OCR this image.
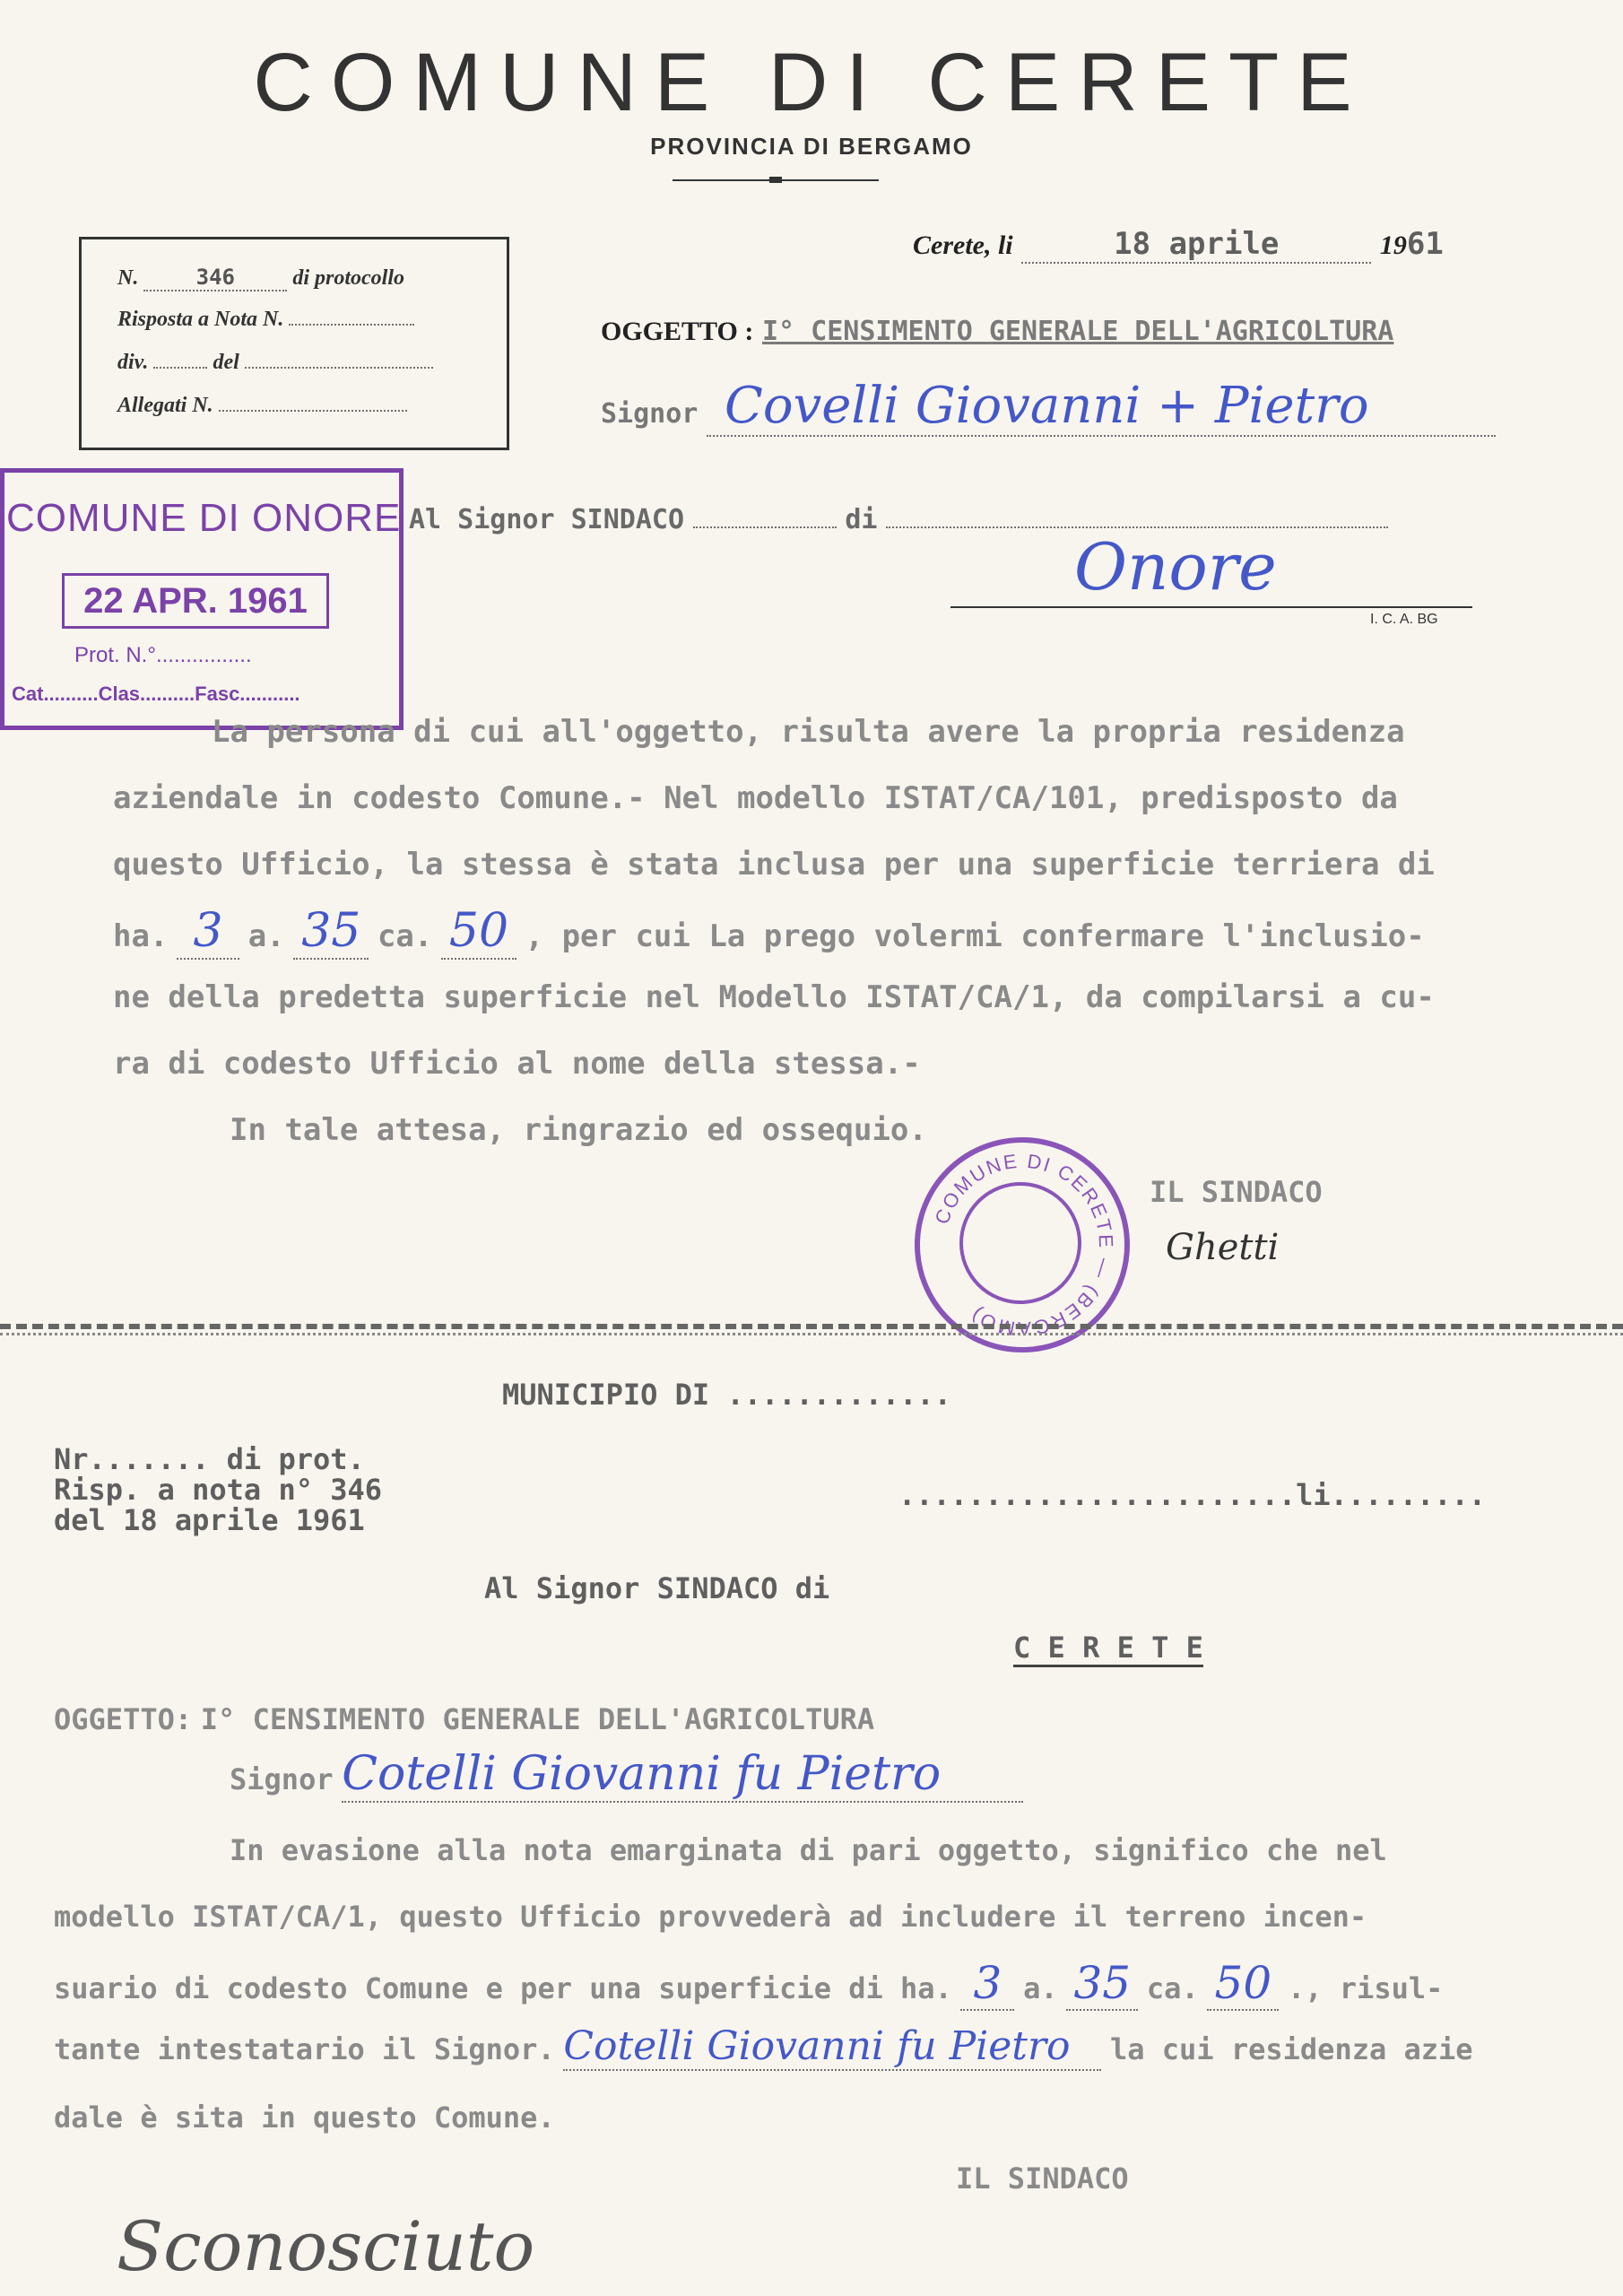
COMUNE DI CERETE
PROVINCIA DI BERGAMO
N.	346	di protocollo
Risposta a Nota N.
div.	del
Allegati N.
Cerete, li	18 aprile	1961
OGGETTO : I° CENSIMENTO GENERALE DELL'AGRICOLTURA
Signor Covelli Giovanni + Pietro
Al Signor SINDACO	di
Onore
I. C. A. BG
COMUNE DI ONORE
22 APR. 1961
Prot. N.°................
Cat..........Clas..........Fasc...........
La persona di cui all'oggetto, risulta avere la propria residenza
aziendale in codesto Comune.- Nel modello ISTAT/CA/101, predisposto da
questo Ufficio, la stessa è stata inclusa per una superficie terriera di
ha. 3 a. 35 ca. 50 , per cui La prego volermi confermare l'inclusio-
ne della predetta superficie nel Modello ISTAT/CA/1, da compilarsi a cu-
ra di codesto Ufficio al nome della stessa.-
In tale attesa, ringrazio ed ossequio.
IL SINDACO
Ghetti
COMUNE DI CERETE — (BERGAMO)
MUNICIPIO DI .............
Nr....... di prot.
Risp. a nota n° 346
del 18 aprile 1961
.......................li.........
Al Signor SINDACO di
C E R E T E
OGGETTO: I° CENSIMENTO GENERALE DELL'AGRICOLTURA
Signor Cotelli Giovanni fu Pietro
In evasione alla nota emarginata di pari oggetto, significo che nel
modello ISTAT/CA/1, questo Ufficio provvederà ad includere il terreno incen-
suario di codesto Comune e per una superficie di ha. 3 a. 35 ca. 50 ., risul-
tante intestatario il Signor. Cotelli Giovanni fu Pietro la cui residenza azie
dale è sita in questo Comune.
IL SINDACO
Sconosciuto
